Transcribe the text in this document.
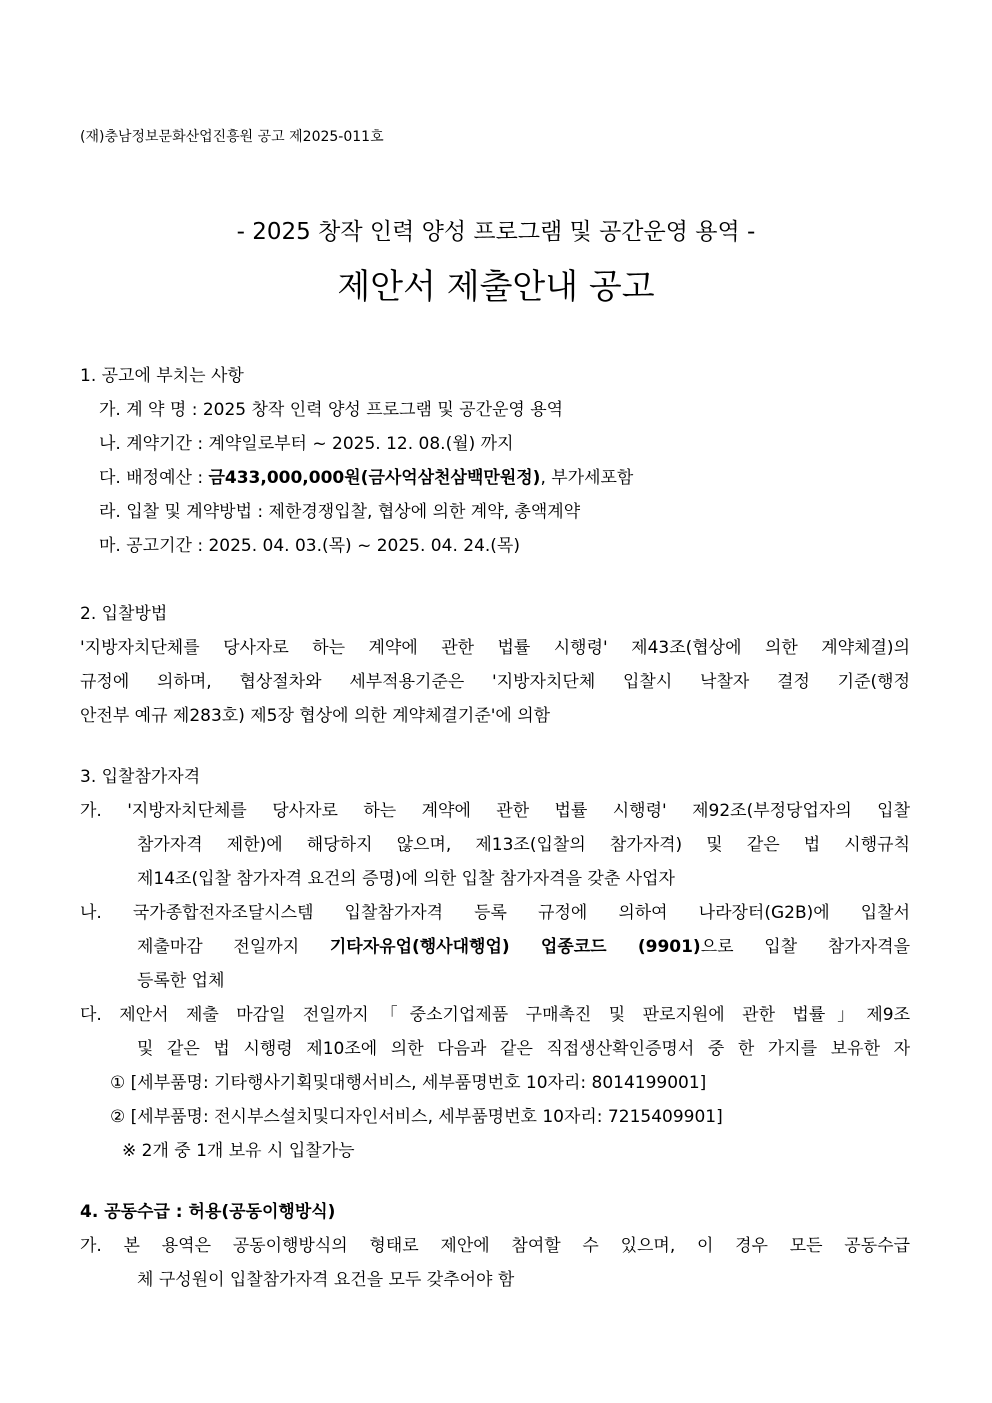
(재)충남정보문화산업진흥원 공고 제2025-011호
- 2025 창작 인력 양성 프로그램 및 공간운영 용역 -
제안서 제출안내 공고
1. 공고에 부치는 사항
가. 계 약 명 : 2025 창작 인력 양성 프로그램 및 공간운영 용역
나. 계약기간 : 계약일로부터 ~ 2025. 12. 08.(월) 까지
다. 배정예산 : 금433,000,000원(금사억삼천삼백만원정), 부가세포함
라. 입찰 및 계약방법 : 제한경쟁입찰, 협상에 의한 계약, 총액계약
마. 공고기간 : 2025. 04. 03.(목) ~ 2025. 04. 24.(목)
2. 입찰방법
'지방자치단체를 당사자로 하는 계약에 관한 법률 시행령' 제43조(협상에 의한 계약체결)의
규정에 의하며, 협상절차와 세부적용기준은 '지방자치단체 입찰시 낙찰자 결정 기준(행정
안전부 예규 제283호) 제5장 협상에 의한 계약체결기준'에 의함
3. 입찰참가자격
가. '지방자치단체를 당사자로 하는 계약에 관한 법률 시행령' 제92조(부정당업자의 입찰
참가자격 제한)에 해당하지 않으며, 제13조(입찰의 참가자격) 및 같은 법 시행규칙
제14조(입찰 참가자격 요건의 증명)에 의한 입찰 참가자격을 갖춘 사업자
나. 국가종합전자조달시스템 입찰참가자격 등록 규정에 의하여 나라장터(G2B)에 입찰서
제출마감 전일까지 기타자유업(행사대행업) 업종코드 (9901)으로 입찰 참가자격을
등록한 업체
다. 제안서 제출 마감일 전일까지「중소기업제품 구매촉진 및 판로지원에 관한 법률」제9조
및 같은 법 시행령 제10조에 의한 다음과 같은 직접생산확인증명서 중 한 가지를 보유한 자
① [세부품명: 기타행사기획및대행서비스, 세부품명번호 10자리: 8014199001]
② [세부품명: 전시부스설치및디자인서비스, 세부품명번호 10자리: 7215409901]
※ 2개 중 1개 보유 시 입찰가능
4. 공동수급 : 허용(공동이행방식)
가. 본 용역은 공동이행방식의 형태로 제안에 참여할 수 있으며, 이 경우 모든 공동수급
체 구성원이 입찰참가자격 요건을 모두 갖추어야 함
